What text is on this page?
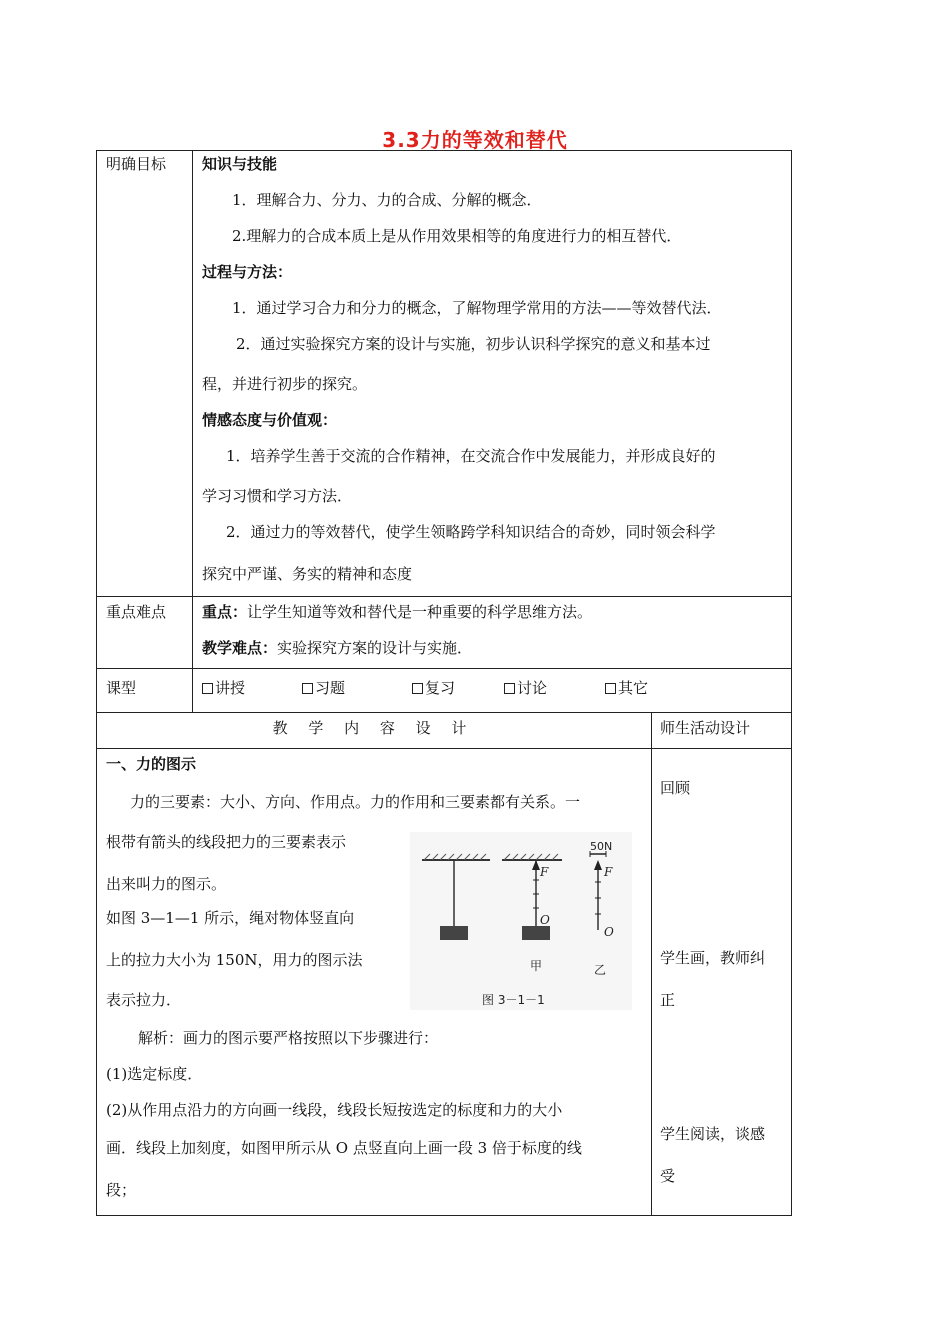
3.3力的等效和替代
明确目标 知识与技能
1．理解合力、分力、力的合成、分解的概念．
2.理解力的合成本质上是从作用效果相等的角度进行力的相互替代．
过程与方法：
1．通过学习合力和分力的概念，了解物理学常用的方法——等效替代法．
2．通过实验探究方案的设计与实施，初步认识科学探究的意义和基本过
程，并进行初步的探究。
情感态度与价值观：
1．培养学生善于交流的合作精神，在交流合作中发展能力，并形成良好的
学习习惯和学习方法．
2．通过力的等效替代，使学生领略跨学科知识结合的奇妙，同时领会科学
探究中严谨、务实的精神和态度
重点难点 重点：让学生知道等效和替代是一种重要的科学思维方法。
教学难点：实验探究方案的设计与实施．
课型	讲授	习题	复习	讨论	其它
教 学 内 容 设 计	师生活动设计
一、力的图示
力的三要素：大小、方向、作用点。力的作用和三要素都有关系。一
根带有箭头的线段把力的三要素表示
出来叫力的图示。
如图 3—1—1 所示，绳对物体竖直向
上的拉力大小为 150N，用力的图示法
表示拉力．
解析：画力的图示要严格按照以下步骤进行：
(1)选定标度．
(2)从作用点沿力的方向画一线段，线段长短按选定的标度和力的大小
画．线段上加刻度，如图甲所示从 O 点竖直向上画一段 3 倍于标度的线
段；
回顾
学生画，教师纠
正
学生阅读，谈感
受
F
O
50N
F
O
甲	乙
图 3－1－1
